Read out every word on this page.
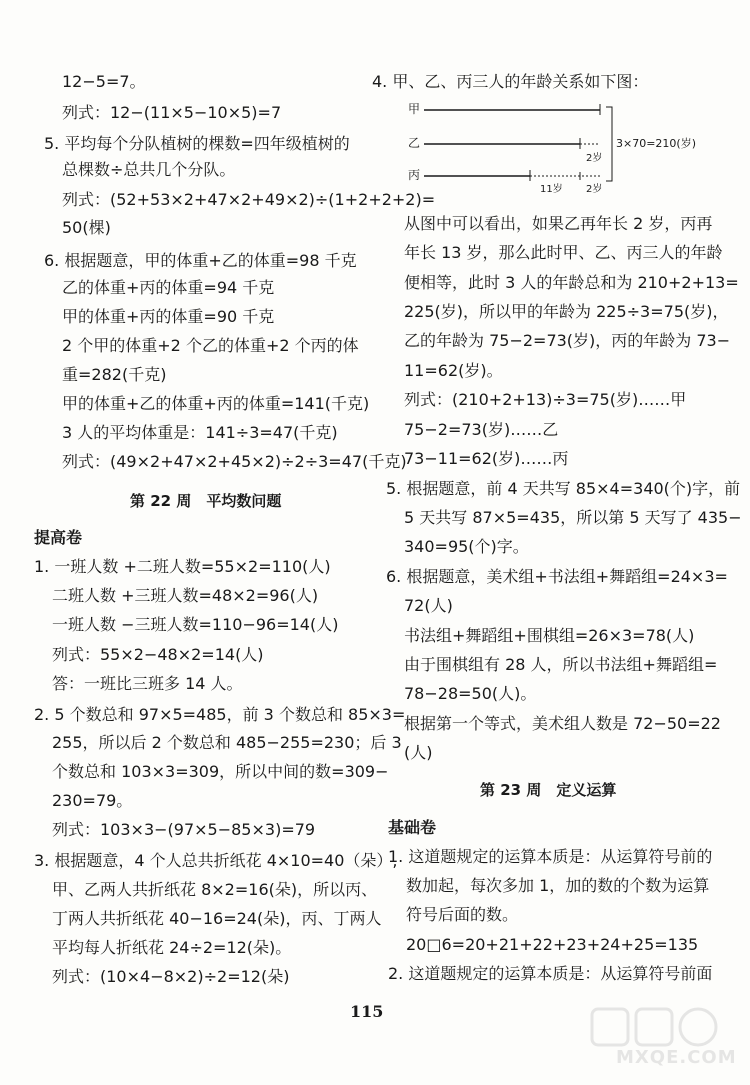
12−5=7。
列式：12−(11×5−10×5)=7
5. 平均每个分队植树的棵数=四年级植树的
总棵数÷总共几个分队。
列式：(52+53×2+47×2+49×2)÷(1+2+2+2)=
50(棵)
6. 根据题意，甲的体重+乙的体重=98 千克
乙的体重+丙的体重=94 千克
甲的体重+丙的体重=90 千克
2 个甲的体重+2 个乙的体重+2 个丙的体
重=282(千克)
甲的体重+乙的体重+丙的体重=141(千克)
3 人的平均体重是：141÷3=47(千克)
列式：(49×2+47×2+45×2)÷2÷3=47(千克)
第 22 周　平均数问题
提高卷
1. 一班人数 +二班人数=55×2=110(人)
二班人数 +三班人数=48×2=96(人)
一班人数 −三班人数=110−96=14(人)
列式：55×2−48×2=14(人)
答：一班比三班多 14 人。
2. 5 个数总和 97×5=485，前 3 个数总和 85×3=
255，所以后 2 个数总和 485−255=230；后 3
个数总和 103×3=309，所以中间的数=309−
230=79。
列式：103×3−(97×5−85×3)=79
3. 根据题意，4 个人总共折纸花 4×10=40（朵）,
甲、乙两人共折纸花 8×2=16(朵)，所以丙、
丁两人共折纸花 40−16=24(朵)，丙、丁两人
平均每人折纸花 24÷2=12(朵)。
列式：(10×4−8×2)÷2=12(朵)
4. 甲、乙、丙三人的年龄关系如下图：
甲
乙
2岁
丙
11岁 2岁
3×70=210(岁)
从图中可以看出，如果乙再年长 2 岁，丙再
年长 13 岁，那么此时甲、乙、丙三人的年龄
便相等，此时 3 人的年龄总和为 210+2+13=
225(岁)，所以甲的年龄为 225÷3=75(岁)，
乙的年龄为 75−2=73(岁)，丙的年龄为 73−
11=62(岁)。
列式：(210+2+13)÷3=75(岁)……甲
75−2=73(岁)……乙
73−11=62(岁)……丙
5. 根据题意，前 4 天共写 85×4=340(个)字，前
5 天共写 87×5=435，所以第 5 天写了 435−
340=95(个)字。
6. 根据题意，美术组+书法组+舞蹈组=24×3=
72(人)
书法组+舞蹈组+围棋组=26×3=78(人)
由于围棋组有 28 人，所以书法组+舞蹈组=
78−28=50(人)。
根据第一个等式，美术组人数是 72−50=22
(人)
第 23 周　定义运算
基础卷
1. 这道题规定的运算本质是：从运算符号前的
数加起，每次多加 1，加的数的个数为运算
符号后面的数。
20□6=20+21+22+23+24+25=135
2. 这道题规定的运算本质是：从运算符号前面
115
MXQE.COM
